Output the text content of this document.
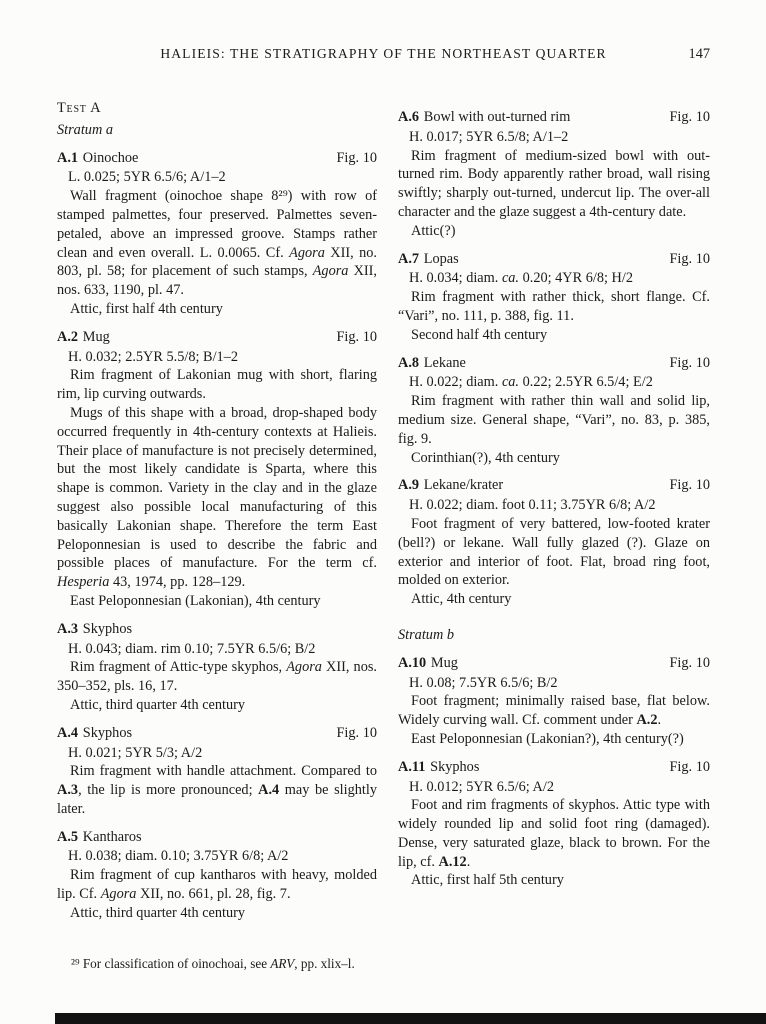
HALIEIS: THE STRATIGRAPHY OF THE NORTHEAST QUARTER	147
Test A
Stratum a
A.1 Oinochoe	Fig. 10
L. 0.025; 5YR 6.5/6; A/1–2

Wall fragment (oinochoe shape 8²⁹) with row of stamped palmettes, four preserved. Palmettes seven-petaled, above an impressed groove. Stamps rather clean and even overall. L. 0.0065. Cf. Agora XII, no. 803, pl. 58; for placement of such stamps, Agora XII, nos. 633, 1190, pl. 47.

Attic, first half 4th century

A.2 Mug	Fig. 10
H. 0.032; 2.5YR 5.5/8; B/1–2

Rim fragment of Lakonian mug with short, flaring rim, lip curving outwards.

Mugs of this shape with a broad, drop-shaped body occurred frequently in 4th-century contexts at Halieis. Their place of manufacture is not precisely determined, but the most likely candidate is Sparta, where this shape is common. Variety in the clay and in the glaze suggest also possible local manufacturing of this basically Lakonian shape. Therefore the term East Peloponnesian is used to describe the fabric and possible places of manufacture. For the term cf. Hesperia 43, 1974, pp. 128–129.

East Peloponnesian (Lakonian), 4th century

A.3 Skyphos
H. 0.043; diam. rim 0.10; 7.5YR 6.5/6; B/2

Rim fragment of Attic-type skyphos, Agora XII, nos. 350–352, pls. 16, 17.

Attic, third quarter 4th century

A.4 Skyphos	Fig. 10
H. 0.021; 5YR 5/3; A/2

Rim fragment with handle attachment. Compared to A.3, the lip is more pronounced; A.4 may be slightly later.

A.5 Kantharos
H. 0.038; diam. 0.10; 3.75YR 6/8; A/2

Rim fragment of cup kantharos with heavy, molded lip. Cf. Agora XII, no. 661, pl. 28, fig. 7.

Attic, third quarter 4th century

A.6 Bowl with out-turned rim	Fig. 10
H. 0.017; 5YR 6.5/8; A/1–2

Rim fragment of medium-sized bowl with out-turned rim. Body apparently rather broad, wall rising swiftly; sharply out-turned, undercut lip. The over-all character and the glaze suggest a 4th-century date.

Attic(?)

A.7 Lopas	Fig. 10
H. 0.034; diam. ca. 0.20; 4YR 6/8; H/2

Rim fragment with rather thick, short flange. Cf. “Vari”, no. 111, p. 388, fig. 11.

Second half 4th century

A.8 Lekane	Fig. 10
H. 0.022; diam. ca. 0.22; 2.5YR 6.5/4; E/2

Rim fragment with rather thin wall and solid lip, medium size. General shape, “Vari”, no. 83, p. 385, fig. 9.

Corinthian(?), 4th century

A.9 Lekane/krater	Fig. 10
H. 0.022; diam. foot 0.11; 3.75YR 6/8; A/2

Foot fragment of very battered, low-footed krater (bell?) or lekane. Wall fully glazed (?). Glaze on exterior and interior of foot. Flat, broad ring foot, molded on exterior.

Attic, 4th century

Stratum b
A.10 Mug	Fig. 10
H. 0.08; 7.5YR 6.5/6; B/2

Foot fragment; minimally raised base, flat below. Widely curving wall. Cf. comment under A.2.

East Peloponnesian (Lakonian?), 4th century(?)

A.11 Skyphos	Fig. 10
H. 0.012; 5YR 6.5/6; A/2

Foot and rim fragments of skyphos. Attic type with widely rounded lip and solid foot ring (damaged). Dense, very saturated glaze, black to brown. For the lip, cf. A.12.

Attic, first half 5th century

²⁹ For classification of oinochoai, see ARV, pp. xlix–l.
